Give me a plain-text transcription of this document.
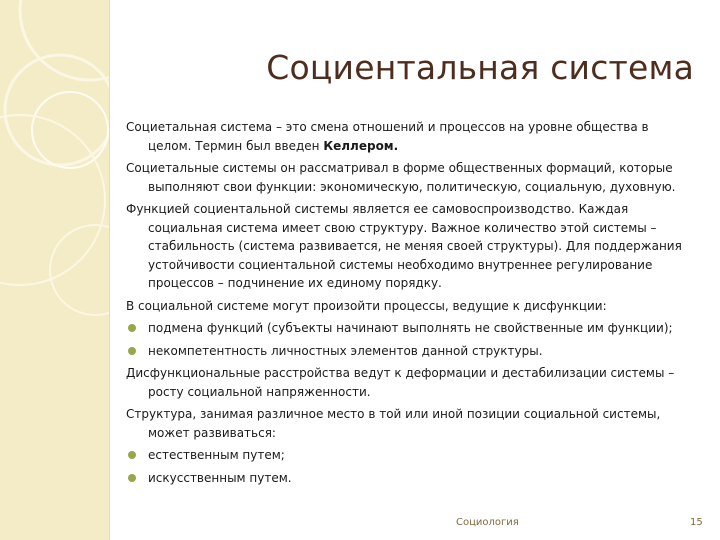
Социентальная система

Социетальная система – это смена отношений и процессов на уровне общества в целом. Термин был введен Келлером.

Социетальные системы он рассматривал в форме общественных формаций, которые выполняют свои функции: экономическую, политическую, социальную, духовную.

Функцией социентальной системы является ее самовоспроизводство. Каждая социальная система имеет свою структуру. Важное количество этой системы – стабильность (система развивается, не меняя своей структуры). Для поддержания устойчивости социентальной системы необходимо внутреннее регулирование процессов – подчинение их единому порядку.

В социальной системе могут произойти процессы, ведущие к дисфункции:

подмена функций (субъекты начинают выполнять не свойственные им функции);
некомпетентность личностных элементов данной структуры.

Дисфункциональные расстройства ведут к деформации и дестабилизации системы – росту социальной напряженности.

Структура, занимая различное место в той или иной позиции социальной системы, может развиваться:

естественным путем;
искусственным путем.
Социология	15
